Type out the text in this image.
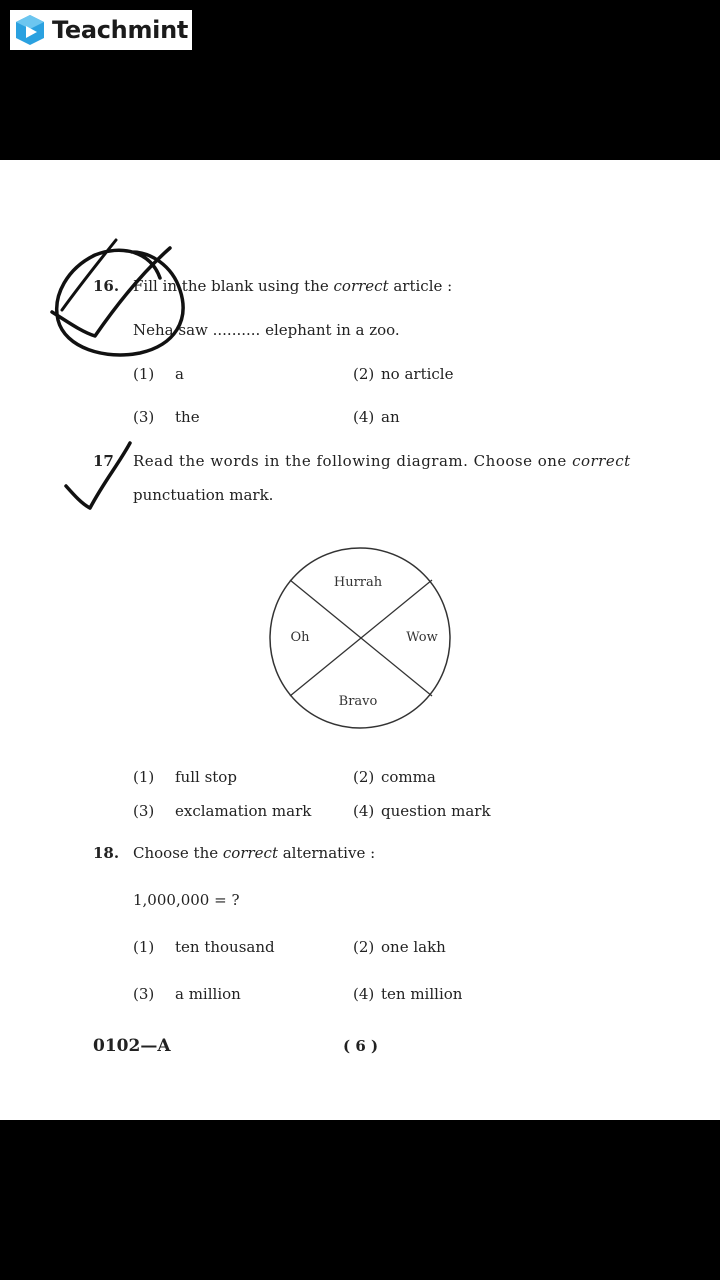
Teachmint
16. Fill in the blank using the correct article :
Neha saw .......... elephant in a zoo.
(1) a	(2) no article
(3) the	(4) an
17. Read the words in the following diagram. Choose one correct
punctuation mark.
Hurrah
Oh	Wow
Bravo
(1) full stop	(2) comma
(3) exclamation mark	(4) question mark
18. Choose the correct alternative :
1,000,000 = ?
(1) ten thousand	(2) one lakh
(3) a million	(4) ten million
0102—A	( 6 )
